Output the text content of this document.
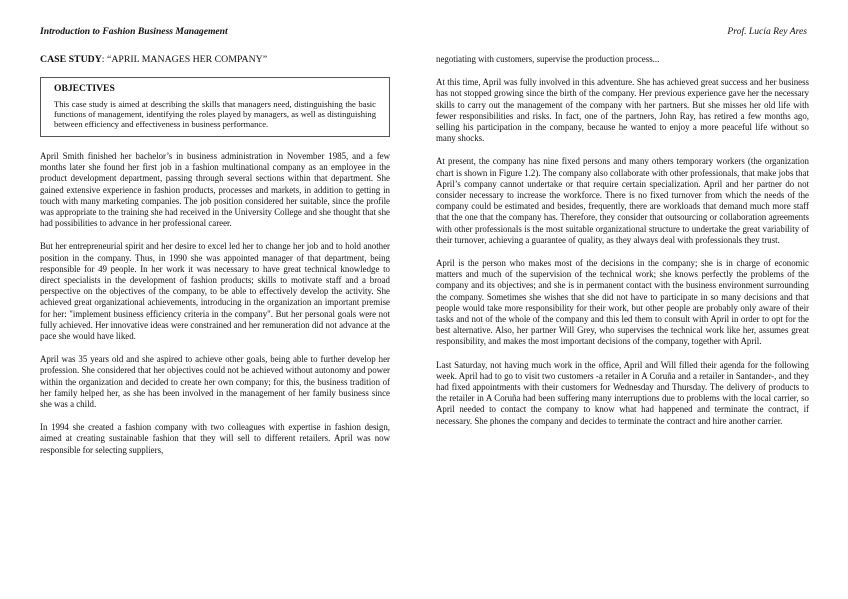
Introduction to Fashion Business Management	Prof. Lucía Rey Ares
CASE STUDY: “APRIL MANAGES HER COMPANY”
OBJECTIVES

This case study is aimed at describing the skills that managers need, distinguishing the basic functions of management, identifying the roles played by managers, as well as distinguishing between efficiency and effectiveness in business performance.

April Smith finished her bachelor’s in business administration in November 1985, and a few months later she found her first job in a fashion multinational company as an employee in the product development department, passing through several sections within that department. She gained extensive experience in fashion products, processes and markets, in addition to getting in touch with many marketing companies. The job position considered her suitable, since the profile was appropriate to the training she had received in the University College and she thought that she had possibilities to advance in her professional career.

But her entrepreneurial spirit and her desire to excel led her to change her job and to hold another position in the company. Thus, in 1990 she was appointed manager of that department, being responsible for 49 people. In her work it was necessary to have great technical knowledge to direct specialists in the development of fashion products; skills to motivate staff and a broad perspective on the objectives of the company, to be able to effectively develop the activity. She achieved great organizational achievements, introducing in the organization an important premise for her: "implement business efficiency criteria in the company". But her personal goals were not fully achieved. Her innovative ideas were constrained and her remuneration did not advance at the pace she would have liked.

April was 35 years old and she aspired to achieve other goals, being able to further develop her profession. She considered that her objectives could not be achieved without autonomy and power within the organization and decided to create her own company; for this, the business tradition of her family helped her, as she has been involved in the management of her family business since she was a child.

In 1994 she created a fashion company with two colleagues with expertise in fashion design, aimed at creating sustainable fashion that they will sell to different retailers. April was now responsible for selecting suppliers,

negotiating with customers, supervise the production process...

At this time, April was fully involved in this adventure. She has achieved great success and her business has not stopped growing since the birth of the company. Her previous experience gave her the necessary skills to carry out the management of the company with her partners. But she misses her old life with fewer responsibilities and risks. In fact, one of the partners, John Ray, has retired a few months ago, selling his participation in the company, because he wanted to enjoy a more peaceful life without so many shocks.

At present, the company has nine fixed persons and many others temporary workers (the organization chart is shown in Figure 1.2). The company also collaborate with other professionals, that make jobs that April’s company cannot undertake or that require certain specialization. April and her partner do not consider necessary to increase the workforce. There is no fixed turnover from which the needs of the company could be estimated and besides, frequently, there are workloads that demand much more staff that the one that the company has. Therefore, they consider that outsourcing or collaboration agreements with other professionals is the most suitable organizational structure to undertake the great variability of their turnover, achieving a guarantee of quality, as they always deal with professionals they trust.

April is the person who makes most of the decisions in the company; she is in charge of economic matters and much of the supervision of the technical work; she knows perfectly the problems of the company and its objectives; and she is in permanent contact with the business environment surrounding the company. Sometimes she wishes that she did not have to participate in so many decisions and that people would take more responsibility for their work, but other people are probably only aware of their tasks and not of the whole of the company and this led them to consult with April in order to opt for the best alternative. Also, her partner Will Grey, who supervises the technical work like her, assumes great responsibility, and makes the most important decisions of the company, together with April.

Last Saturday, not having much work in the office, April and Will filled their agenda for the following week. April had to go to visit two customers -a retailer in A Coruña and a retailer in Santander-, and they had fixed appointments with their customers for Wednesday and Thursday. The delivery of products to the retailer in A Coruña had been suffering many interruptions due to problems with the local carrier, so April needed to contact the company to know what had happened and terminate the contract, if necessary. She phones the company and decides to terminate the contract and hire another carrier.
